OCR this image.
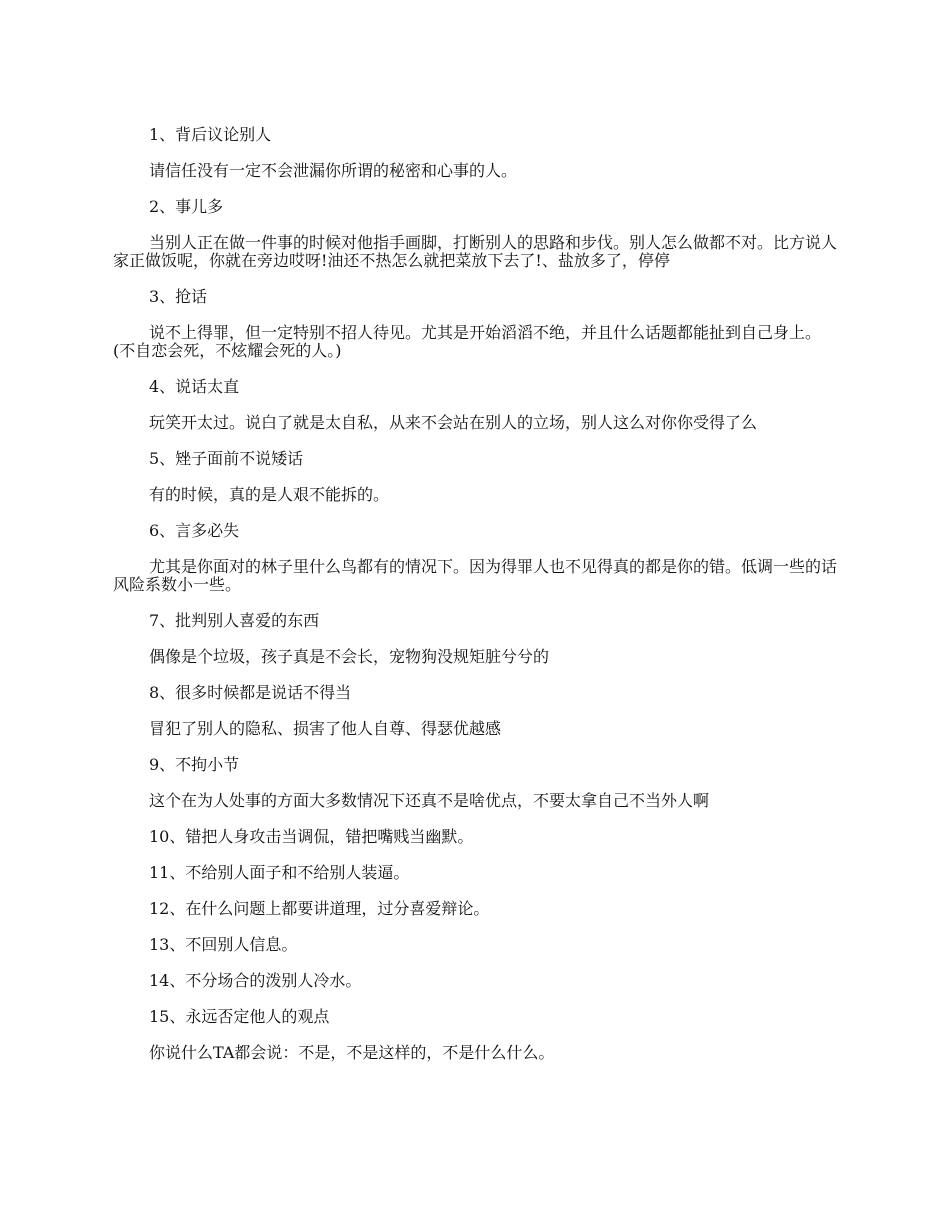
1、背后议论别人

请信任没有一定不会泄漏你所谓的秘密和心事的人。

2、事儿多

当别人正在做一件事的时候对他指手画脚，打断别人的思路和步伐。别人怎么做都不对。比方说人家正做饭呢，你就在旁边哎呀!油还不热怎么就把菜放下去了!、盐放多了，停停

3、抢话

说不上得罪，但一定特别不招人待见。尤其是开始滔滔不绝，并且什么话题都能扯到自己身上。(不自恋会死，不炫耀会死的人。)

4、说话太直

玩笑开太过。说白了就是太自私，从来不会站在别人的立场，别人这么对你你受得了么

5、矬子面前不说矮话

有的时候，真的是人艰不能拆的。

6、言多必失

尤其是你面对的林子里什么鸟都有的情况下。因为得罪人也不见得真的都是你的错。低调一些的话风险系数小一些。

7、批判别人喜爱的东西

偶像是个垃圾，孩子真是不会长，宠物狗没规矩脏兮兮的

8、很多时候都是说话不得当

冒犯了别人的隐私、损害了他人自尊、得瑟优越感

9、不拘小节

这个在为人处事的方面大多数情况下还真不是啥优点，不要太拿自己不当外人啊

10、错把人身攻击当调侃，错把嘴贱当幽默。

11、不给别人面子和不给别人装逼。

12、在什么问题上都要讲道理，过分喜爱辩论。

13、不回别人信息。

14、不分场合的泼别人冷水。

15、永远否定他人的观点

你说什么TA都会说：不是，不是这样的，不是什么什么。
